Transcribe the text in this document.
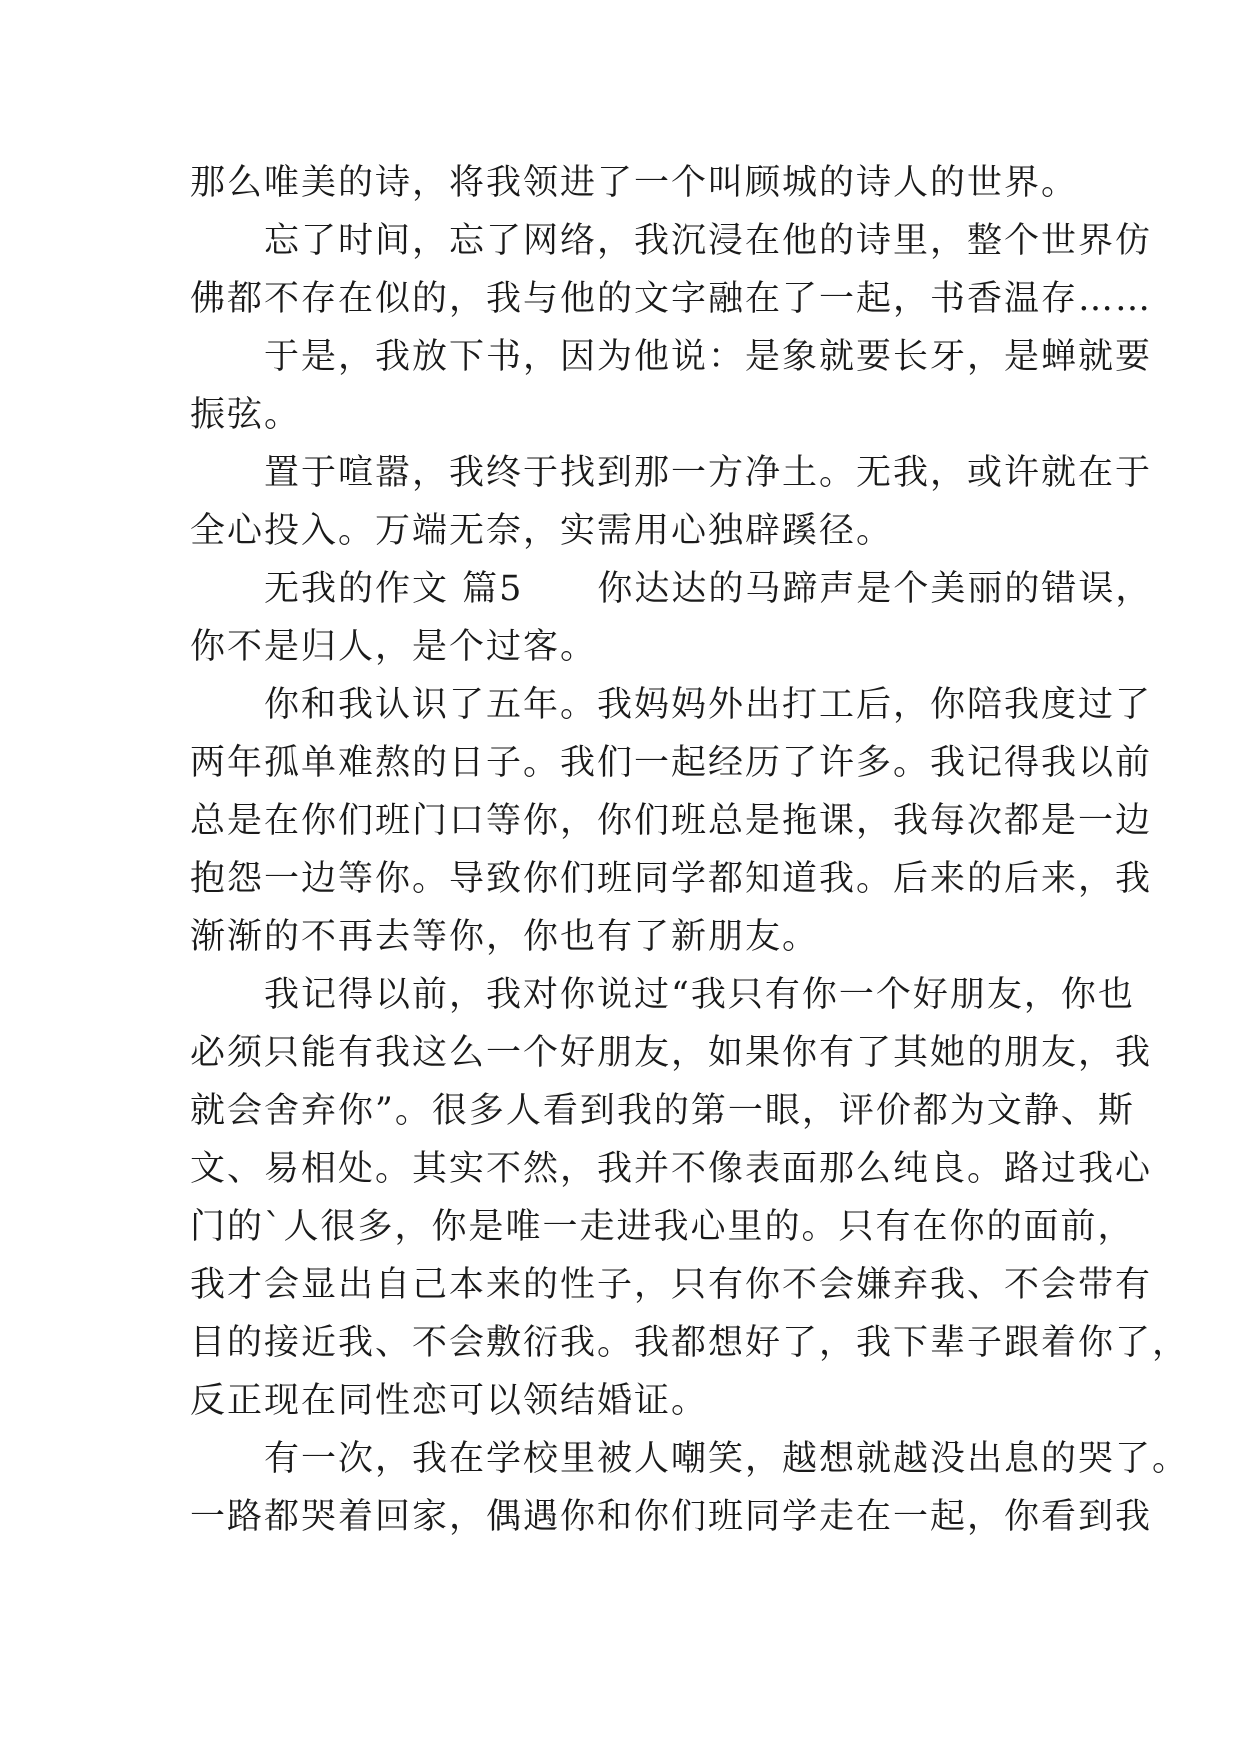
那么唯美的诗，将我领进了一个叫顾城的诗人的世界。
　　忘了时间，忘了网络，我沉浸在他的诗里，整个世界仿
佛都不存在似的，我与他的文字融在了一起，书香温存……
　　于是，我放下书，因为他说：是象就要长牙，是蝉就要
振弦。
　　置于喧嚣，我终于找到那一方净土。无我，或许就在于
全心投入。万端无奈，实需用心独辟蹊径。
　　无我的作文 篇5　　你达达的马蹄声是个美丽的错误，
你不是归人，是个过客。
　　你和我认识了五年。我妈妈外出打工后，你陪我度过了
两年孤单难熬的日子。我们一起经历了许多。我记得我以前
总是在你们班门口等你，你们班总是拖课，我每次都是一边
抱怨一边等你。导致你们班同学都知道我。后来的后来，我
渐渐的不再去等你，你也有了新朋友。
　　我记得以前，我对你说过“我只有你一个好朋友，你也
必须只能有我这么一个好朋友，如果你有了其她的朋友，我
就会舍弃你”。很多人看到我的第一眼，评价都为文静、斯
文、易相处。其实不然，我并不像表面那么纯良。路过我心
门的`人很多，你是唯一走进我心里的。只有在你的面前，
我才会显出自己本来的性子，只有你不会嫌弃我、不会带有
目的接近我、不会敷衍我。我都想好了，我下辈子跟着你了，
反正现在同性恋可以领结婚证。
　　有一次，我在学校里被人嘲笑，越想就越没出息的哭了。
一路都哭着回家，偶遇你和你们班同学走在一起，你看到我
